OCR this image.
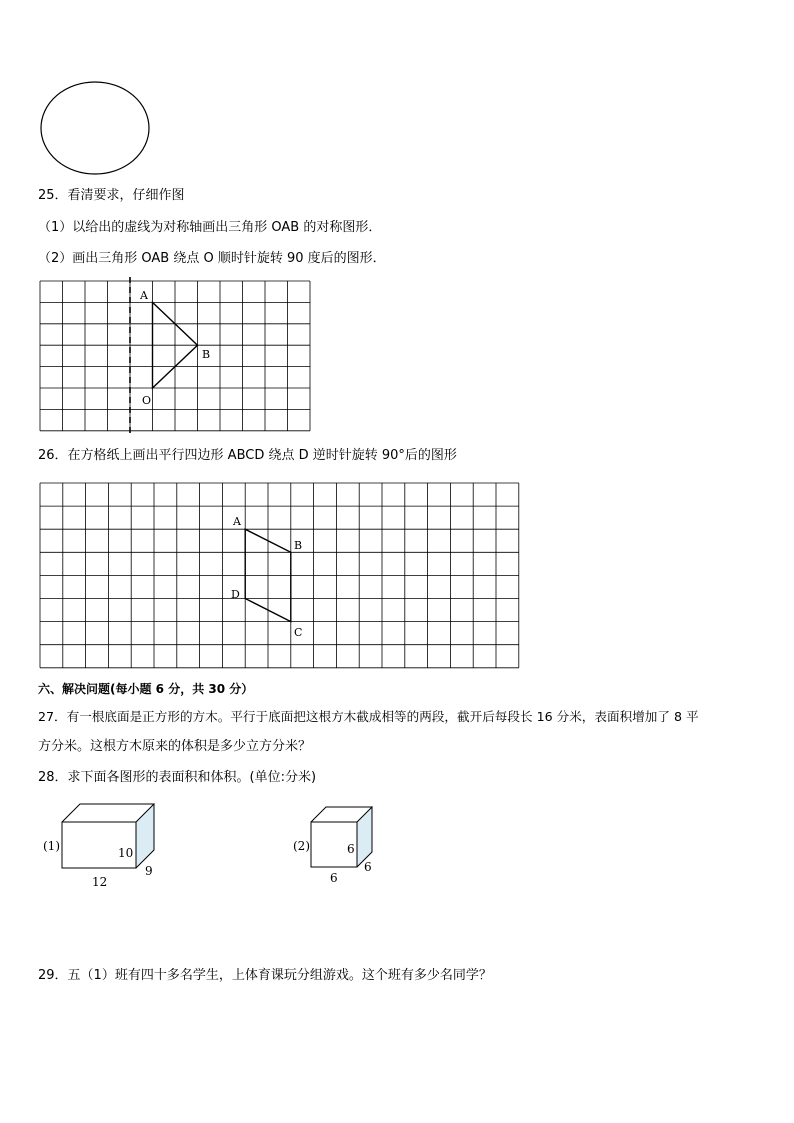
25．看清要求，仔细作图
（1）以给出的虚线为对称轴画出三角形 OAB 的对称图形．
（2）画出三角形 OAB 绕点 O 顺时针旋转 90 度后的图形．
A
B
O
26．在方格纸上画出平行四边形 ABCD 绕点 D 逆时针旋转 90°后的图形
A
B
D
C
六、解决问题(每小题 6 分，共 30 分）
27．有一根底面是正方形的方木。平行于底面把这根方木截成相等的两段，截开后每段长 16 分米，表面积增加了 8 平
方分米。这根方木原来的体积是多少立方分米？
28．求下面各图形的表面积和体积。(单位:分米)
(1)	10
9
12
(2)	6
6
6
29．五（1）班有四十多名学生，上体育课玩分组游戏。这个班有多少名同学？
